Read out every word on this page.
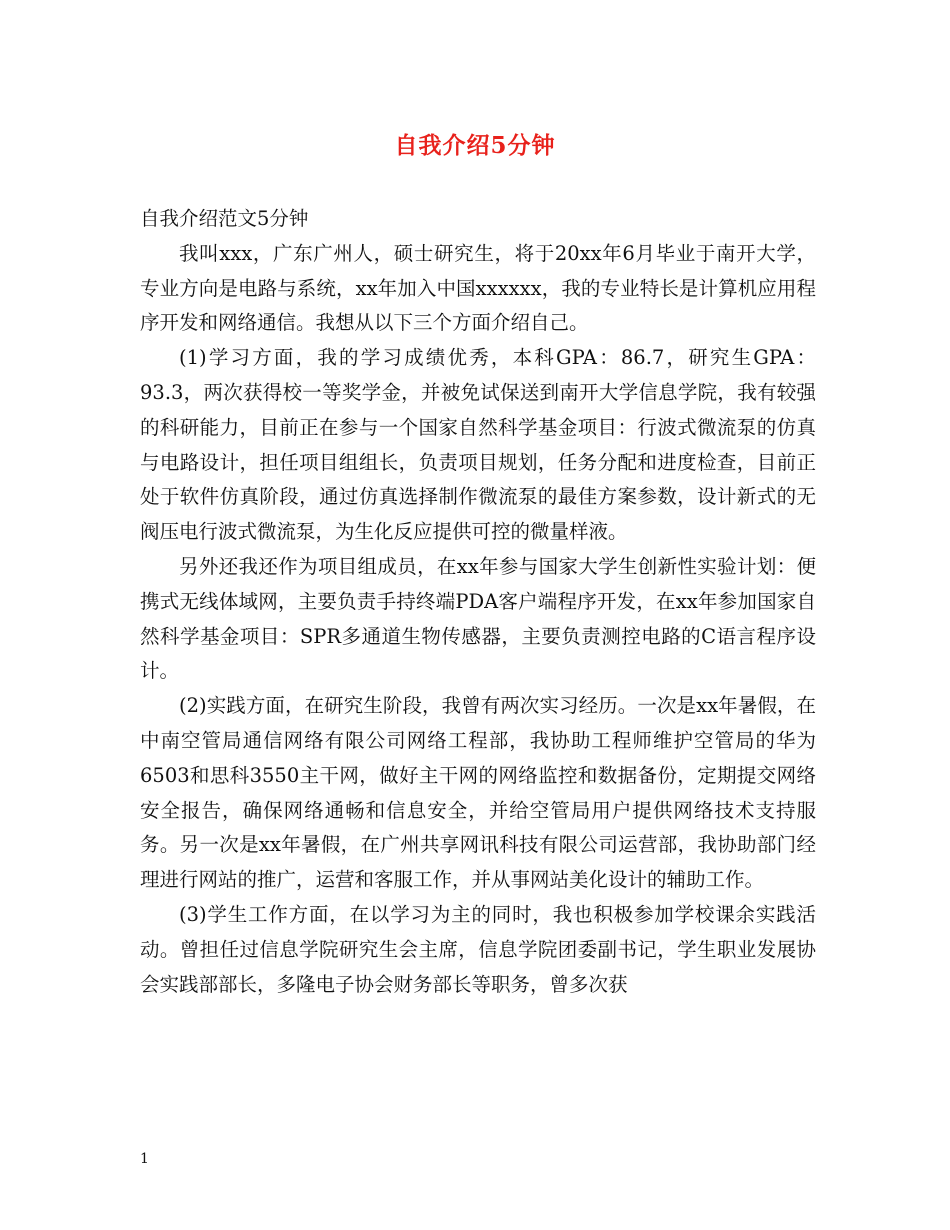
自我介绍5分钟

自我介绍范文5分钟

我叫xxx，广东广州人，硕士研究生，将于20xx年6月毕业于南开大学，专业方向是电路与系统，xx年加入中国xxxxxx，我的专业特长是计算机应用程序开发和网络通信。我想从以下三个方面介绍自己。

(1)学习方面，我的学习成绩优秀，本科GPA：86.7，研究生GPA：93.3，两次获得校一等奖学金，并被免试保送到南开大学信息学院，我有较强的科研能力，目前正在参与一个国家自然科学基金项目：行波式微流泵的仿真与电路设计，担任项目组组长，负责项目规划，任务分配和进度检查，目前正处于软件仿真阶段，通过仿真选择制作微流泵的最佳方案参数，设计新式的无阀压电行波式微流泵，为生化反应提供可控的微量样液。

另外还我还作为项目组成员，在xx年参与国家大学生创新性实验计划：便携式无线体域网，主要负责手持终端PDA客户端程序开发，在xx年参加国家自然科学基金项目：SPR多通道生物传感器，主要负责测控电路的C语言程序设计。

(2)实践方面，在研究生阶段，我曾有两次实习经历。一次是xx年暑假，在中南空管局通信网络有限公司网络工程部，我协助工程师维护空管局的华为6503和思科3550主干网，做好主干网的网络监控和数据备份，定期提交网络安全报告，确保网络通畅和信息安全，并给空管局用户提供网络技术支持服务。另一次是xx年暑假，在广州共享网讯科技有限公司运营部，我协助部门经理进行网站的推广，运营和客服工作，并从事网站美化设计的辅助工作。

(3)学生工作方面，在以学习为主的同时，我也积极参加学校课余实践活动。曾担任过信息学院研究生会主席，信息学院团委副书记，学生职业发展协会实践部部长，多隆电子协会财务部长等职务，曾多次获

1
